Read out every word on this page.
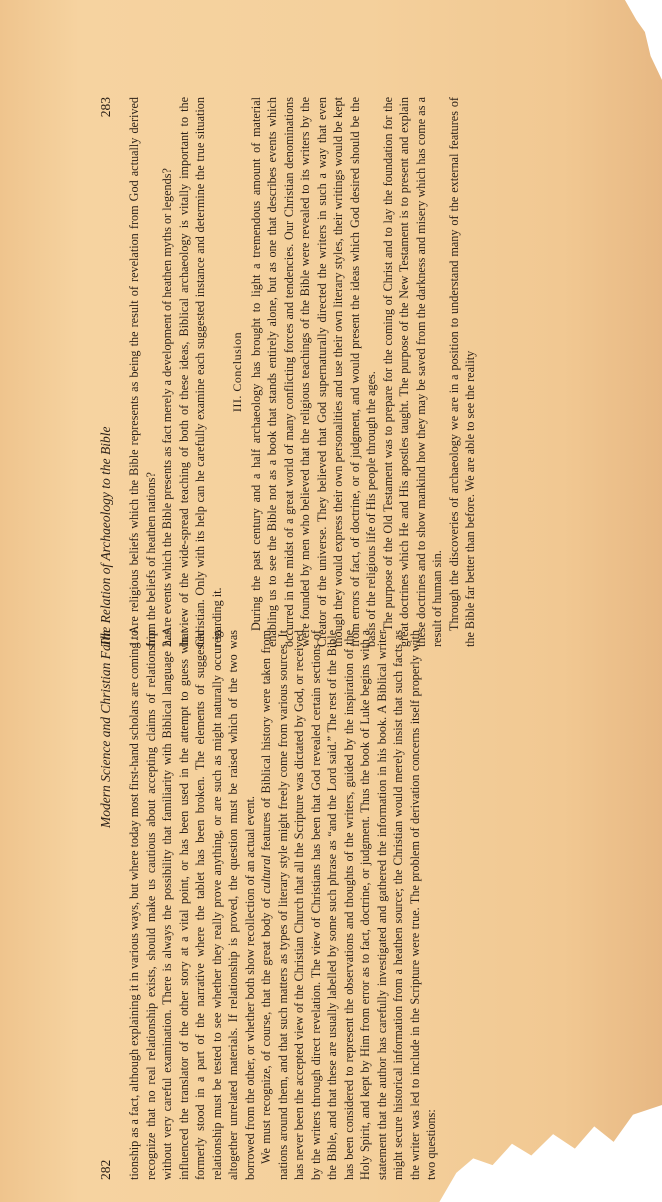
The Relation of Archaeology to the Bible
283 1. Are religious beliefs which the Bible represents as being the result of revelation from God actually derived from the beliefs of heathen nations? 2. Are events which the Bible presents as fact merely a development of heathen myths or legends? In view of the wide-spread teaching of both of these ideas, Biblical archaeology is vitally important to the Christian. Only with its help can he carefully examine each suggested instance and determine the true situation regarding it.

III. Conclusion During the past century and a half archaeology has brought to light a tremendous amount of material enabling us to see the Bible not as a book that stands entirely alone, but as one that describes events which occurred in the midst of a great world of many conflicting forces and tendencies. Our Christian denominations were founded by men who believed that the religious teachings of the Bible were revealed to its writers by the Creator of the universe. They believed that God supernaturally directed the writers in such a way that even though they would express their own personalities and use their own literary styles, their writings would be kept from errors of fact, of doctrine, or of judgment, and would present the ideas which God desired should be the basis of the religious life of His people through the ages. The purpose of the Old Testament was to prepare for the coming of Christ and to lay the foundation for the great doctrines which He and His apostles taught. The purpose of the New Testament is to present and explain these doctrines and to show mankind how they may be saved from the darkness and misery which has come as a result of human sin. Through the discoveries of archaeology we are in a position to understand many of the external features of the Bible far better than before. We are able to see the reality

282
Modern Science and Christian Faith tionship as a fact, although explaining it in various ways, but where today most first-hand scholars are coming to recognize that no real relationship exists, should make us cautious about accepting claims of relationship without very careful examination. There is always the possibility that familiarity with Biblical language has influenced the translator of the other story at a vital point, or has been used in the attempt to guess what formerly stood in a part of the narrative where the tablet has been broken. The elements of suggested relationship must be tested to see whether they really prove anything, or are such as might naturally occur in altogether unrelated materials. If relationship is proved, the question must be raised which of the two was borrowed from the other, or whether both show recollection of an actual event. We must recognize, of course, that the great body of cultural features of Biblical history were taken from nations around them, and that such matters as types of literary style might freely come from various sources. It has never been the accepted view of the Christian Church that all the Scripture was dictated by God, or received by the writers through direct revelation. The view of Christians has been that God revealed certain sections of the Bible, and that these are usually labelled by some such phrase as “and the Lord said.” The rest of the Bible has been considered to represent the observations and thoughts of the writers, guided by the inspiration of the Holy Spirit, and kept by Him from error as to fact, doctrine, or judgment. Thus the book of Luke begins with a statement that the author has carefully investigated and gathered the information in his book. A Biblical writer might secure historical information from a heathen source; the Christian would merely insist that such facts as the writer was led to include in the Scripture were true. The problem of derivation concerns itself properly with two questions:
